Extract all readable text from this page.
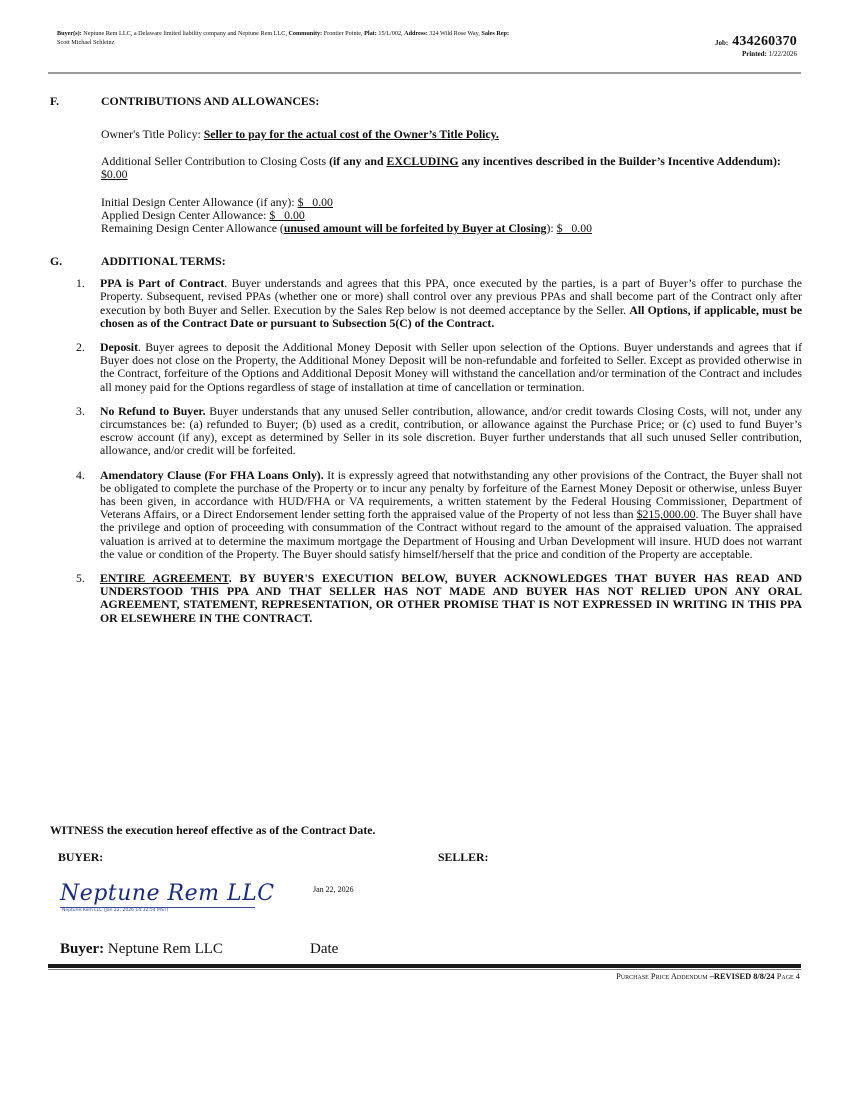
Buyer(s): Neptune Rem LLC, a Delaware limited liability company and Neptune Rem LLC, Community: Frontier Pointe, Plat: 15/L/002, Address: 324 Wild Rose Way, Sales Rep:
Scott Michael Schleinz	Job: 434260370
Printed: 1/22/2026
F.	CONTRIBUTIONS AND ALLOWANCES:
Owner's Title Policy: Seller to pay for the actual cost of the Owner’s Title Policy.
Additional Seller Contribution to Closing Costs (if any and EXCLUDING any incentives described in the Builder’s Incentive Addendum): $0.00
Initial Design Center Allowance (if any): $   0.00
Applied Design Center Allowance: $   0.00
Remaining Design Center Allowance (unused amount will be forfeited by Buyer at Closing): $   0.00
G.	ADDITIONAL TERMS:
1. PPA is Part of Contract. Buyer understands and agrees that this PPA, once executed by the parties, is a part of Buyer’s offer to purchase the Property. Subsequent, revised PPAs (whether one or more) shall control over any previous PPAs and shall become part of the Contract only after execution by both Buyer and Seller. Execution by the Sales Rep below is not deemed acceptance by the Seller. All Options, if applicable, must be chosen as of the Contract Date or pursuant to Subsection 5(C) of the Contract.
2. Deposit. Buyer agrees to deposit the Additional Money Deposit with Seller upon selection of the Options. Buyer understands and agrees that if Buyer does not close on the Property, the Additional Money Deposit will be non-refundable and forfeited to Seller. Except as provided otherwise in the Contract, forfeiture of the Options and Additional Deposit Money will withstand the cancellation and/or termination of the Contract and includes all money paid for the Options regardless of stage of installation at time of cancellation or termination.
3. No Refund to Buyer. Buyer understands that any unused Seller contribution, allowance, and/or credit towards Closing Costs, will not, under any circumstances be: (a) refunded to Buyer; (b) used as a credit, contribution, or allowance against the Purchase Price; or (c) used to fund Buyer’s escrow account (if any), except as determined by Seller in its sole discretion. Buyer further understands that all such unused Seller contribution, allowance, and/or credit will be forfeited.
4. Amendatory Clause (For FHA Loans Only). It is expressly agreed that notwithstanding any other provisions of the Contract, the Buyer shall not be obligated to complete the purchase of the Property or to incur any penalty by forfeiture of the Earnest Money Deposit or otherwise, unless Buyer has been given, in accordance with HUD/FHA or VA requirements, a written statement by the Federal Housing Commissioner, Department of Veterans Affairs, or a Direct Endorsement lender setting forth the appraised value of the Property of not less than $215,000.00. The Buyer shall have the privilege and option of proceeding with consummation of the Contract without regard to the amount of the appraised valuation. The appraised valuation is arrived at to determine the maximum mortgage the Department of Housing and Urban Development will insure. HUD does not warrant the value or condition of the Property. The Buyer should satisfy himself/herself that the price and condition of the Property are acceptable.
5. ENTIRE AGREEMENT. BY BUYER'S EXECUTION BELOW, BUYER ACKNOWLEDGES THAT BUYER HAS READ AND UNDERSTOOD THIS PPA AND THAT SELLER HAS NOT MADE AND BUYER HAS NOT RELIED UPON ANY ORAL AGREEMENT, STATEMENT, REPRESENTATION, OR OTHER PROMISE THAT IS NOT EXPRESSED IN WRITING IN THIS PPA OR ELSEWHERE IN THE CONTRACT.
WITNESS the execution hereof effective as of the Contract Date.
BUYER:	SELLER:
Neptune Rem LLC
Neptune Rem LLC (Jan 22, 2026 14:32:54 MST)
Jan 22, 2026
Buyer: Neptune Rem LLC	Date
Purchase Price Addendum –REVISED 8/8/24 Page 4
